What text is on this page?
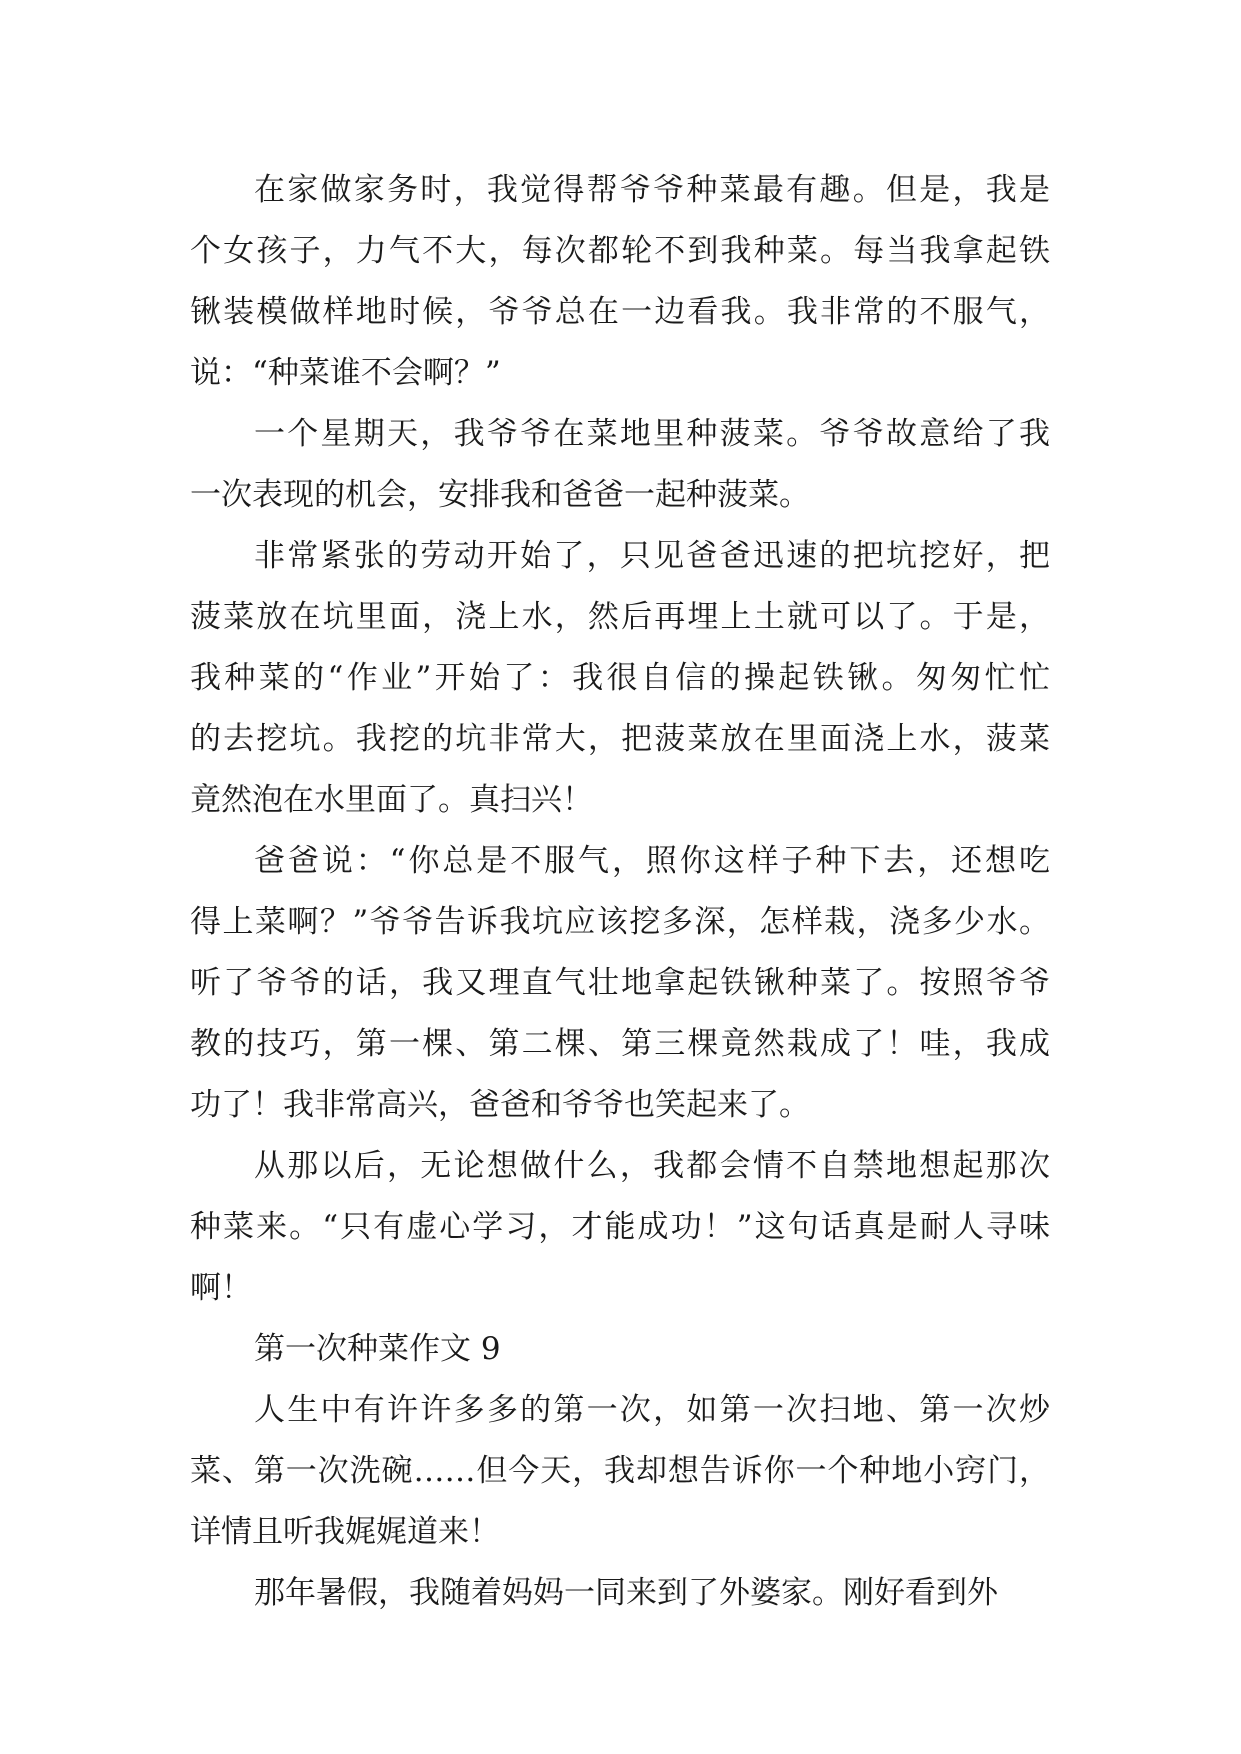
在家做家务时，我觉得帮爷爷种菜最有趣。但是，我是
个女孩子，力气不大，每次都轮不到我种菜。每当我拿起铁
锹装模做样地时候，爷爷总在一边看我。我非常的不服气，
说：“种菜谁不会啊？”
一个星期天，我爷爷在菜地里种菠菜。爷爷故意给了我
一次表现的机会，安排我和爸爸一起种菠菜。
非常紧张的劳动开始了，只见爸爸迅速的把坑挖好，把
菠菜放在坑里面，浇上水，然后再埋上土就可以了。于是，
我种菜的“作业”开始了：我很自信的操起铁锹。匆匆忙忙
的去挖坑。我挖的坑非常大，把菠菜放在里面浇上水，菠菜
竟然泡在水里面了。真扫兴！
爸爸说：“你总是不服气，照你这样子种下去，还想吃
得上菜啊？”爷爷告诉我坑应该挖多深，怎样栽，浇多少水。
听了爷爷的话，我又理直气壮地拿起铁锹种菜了。按照爷爷
教的技巧，第一棵、第二棵、第三棵竟然栽成了！哇，我成
功了！我非常高兴，爸爸和爷爷也笑起来了。
从那以后，无论想做什么，我都会情不自禁地想起那次
种菜来。“只有虚心学习，才能成功！”这句话真是耐人寻味
啊！
第一次种菜作文 9
人生中有许许多多的第一次，如第一次扫地、第一次炒
菜、第一次洗碗……但今天，我却想告诉你一个种地小窍门，
详情且听我娓娓道来！
那年暑假，我随着妈妈一同来到了外婆家。刚好看到外
